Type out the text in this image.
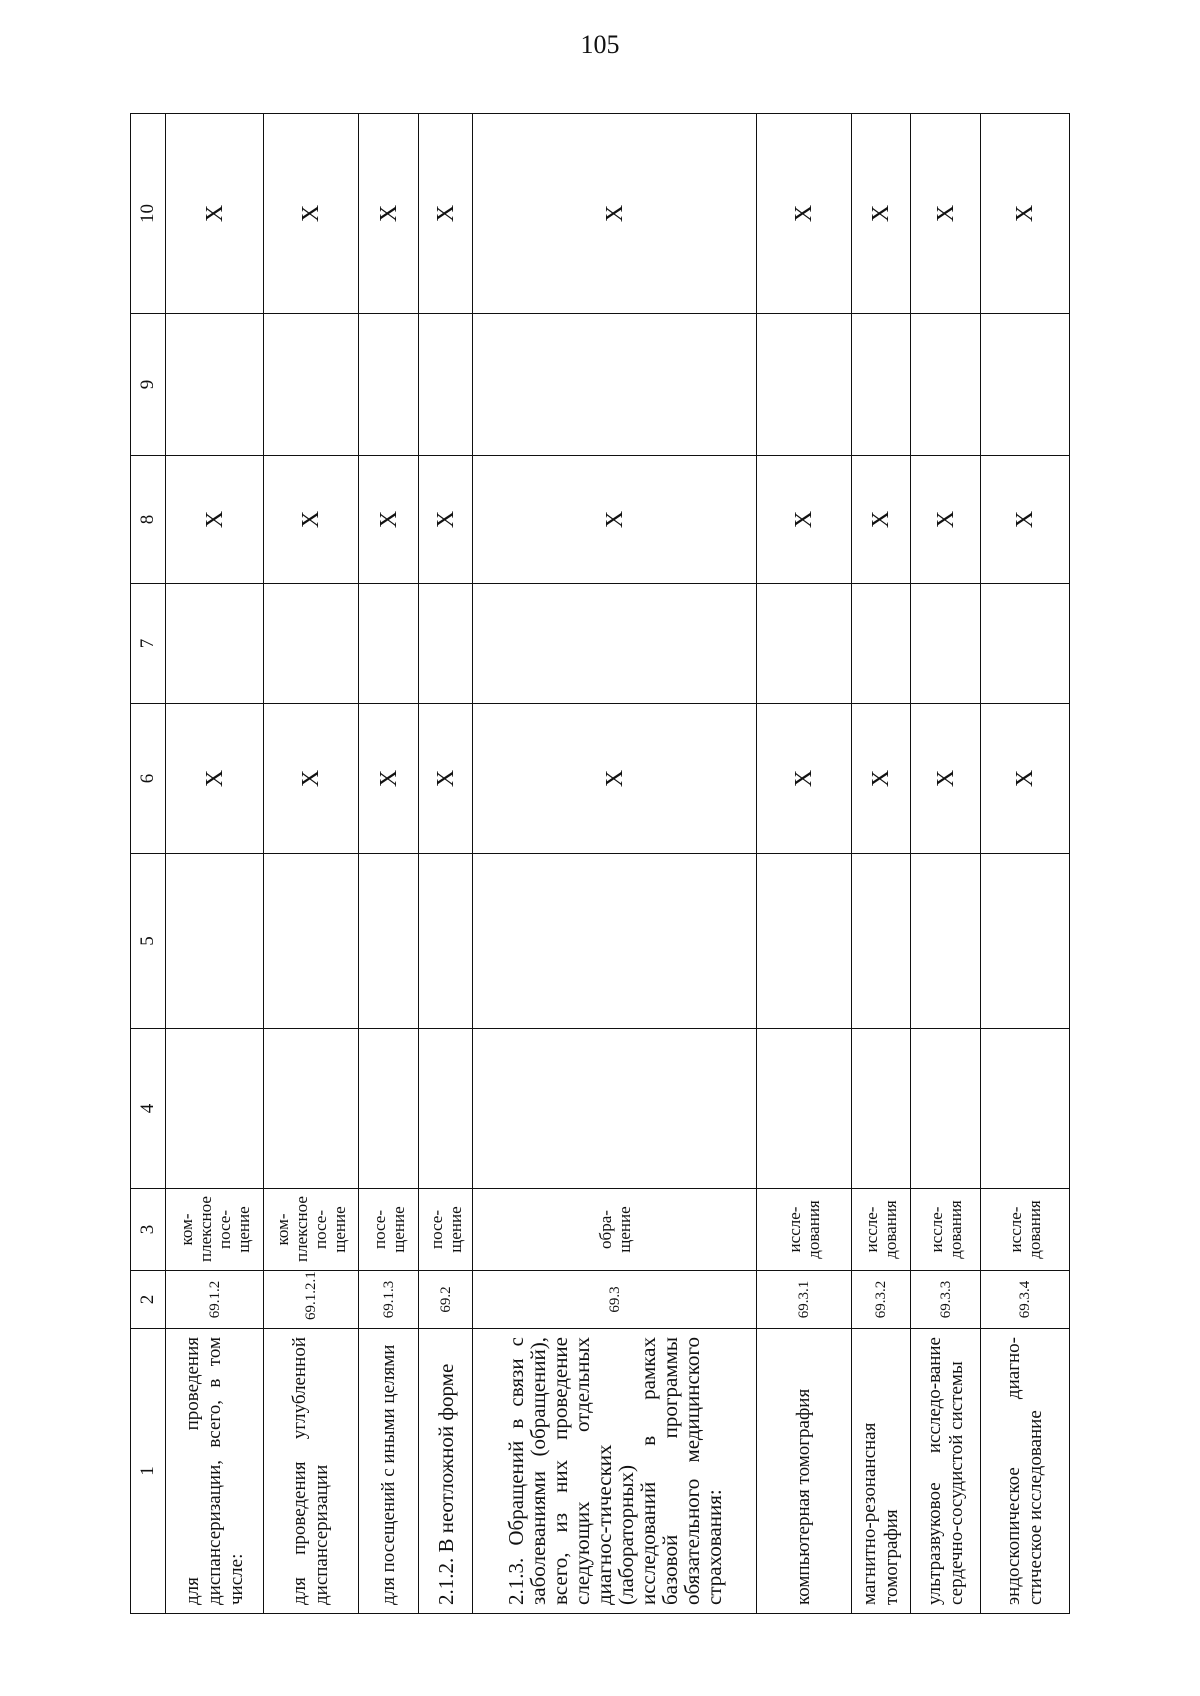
105
1	2	3	4	5	6	7	8	9	10

для проведения диспансеризации, всего, в том числе:	69.1.2	ком-плексное посе-щение			X		X		X

для проведения углубленной диспансеризации	69.1.2.1	ком-плексное посе-щение			X		X		X

для посещений с иными целями	69.1.3	посе-щение			X		X		X

2.1.2. В неотложной форме	69.2	посе-щение			X		X		X

2.1.3. Обращений в связи с заболеваниями (обращений), всего, из них проведение следующих отдельных диагнос-тических (лабораторных) исследований в рамках базовой программы обязательного медицинского страхования:	69.3	обра-щение			X		X		X

компьютерная томография	69.3.1	иссле-дования			X		X		X

магнитно-резонансная томография	69.3.2	иссле-дования			X		X		X

ультразвуковое исследо-вание сердечно-сосудистой системы	69.3.3	иссле-дования			X		X		X

эндоскопическое диагно-стическое исследование	69.3.4	иссле-дования			X		X		X
